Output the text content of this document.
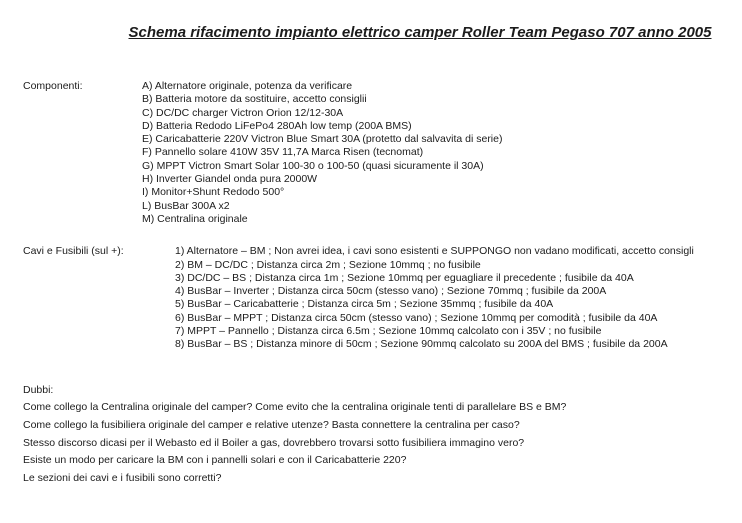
Schema rifacimento impianto elettrico camper Roller Team Pegaso 707 anno 2005
Componenti:	A) Alternatore originale, potenza da verificare
B) Batteria motore da sostituire, accetto consiglii
C) DC/DC charger Victron Orion 12/12-30A
D) Batteria Redodo LiFePo4 280Ah low temp (200A BMS)
E) Caricabatterie 220V Victron Blue Smart 30A (protetto dal salvavita di serie)
F) Pannello solare 410W 35V 11,7A Marca Risen (tecnomat)
G) MPPT Victron Smart Solar 100-30 o 100-50 (quasi sicuramente il 30A)
H) Inverter Giandel onda pura 2000W
I) Monitor+Shunt Redodo 500°
L) BusBar 300A x2
M) Centralina originale
Cavi e Fusibili (sul +):	1) Alternatore – BM ; Non avrei idea, i cavi sono esistenti e SUPPONGO non vadano modificati, accetto consigli
2) BM – DC/DC ; Distanza circa 2m ; Sezione 10mmq ; no fusibile
3) DC/DC – BS ; Distanza circa 1m ; Sezione 10mmq per eguagliare il precedente ; fusibile da 40A
4) BusBar – Inverter ; Distanza circa 50cm (stesso vano) ; Sezione 70mmq ; fusibile da 200A
5) BusBar – Caricabatterie ; Distanza circa 5m ; Sezione 35mmq ; fusibile da 40A
6) BusBar – MPPT ; Distanza circa 50cm (stesso vano) ; Sezione 10mmq per comodità ; fusibile da 40A
7) MPPT – Pannello ; Distanza circa 6.5m ; Sezione 10mmq calcolato con i 35V ; no fusibile
8) BusBar – BS ; Distanza minore di 50cm ; Sezione 90mmq calcolato su 200A del BMS ; fusibile da 200A
Dubbi:
Come collego la Centralina originale del camper? Come evito che la centralina originale tenti di parallelare BS e BM?
Come collego la fusibiliera originale del camper e relative utenze? Basta connettere la centralina per caso?
Stesso discorso dicasi per il Webasto ed il Boiler a gas, dovrebbero trovarsi sotto fusibiliera immagino vero?
Esiste un modo per caricare la BM con i pannelli solari e con il Caricabatterie 220?
Le sezioni dei cavi e i fusibili sono corretti?
